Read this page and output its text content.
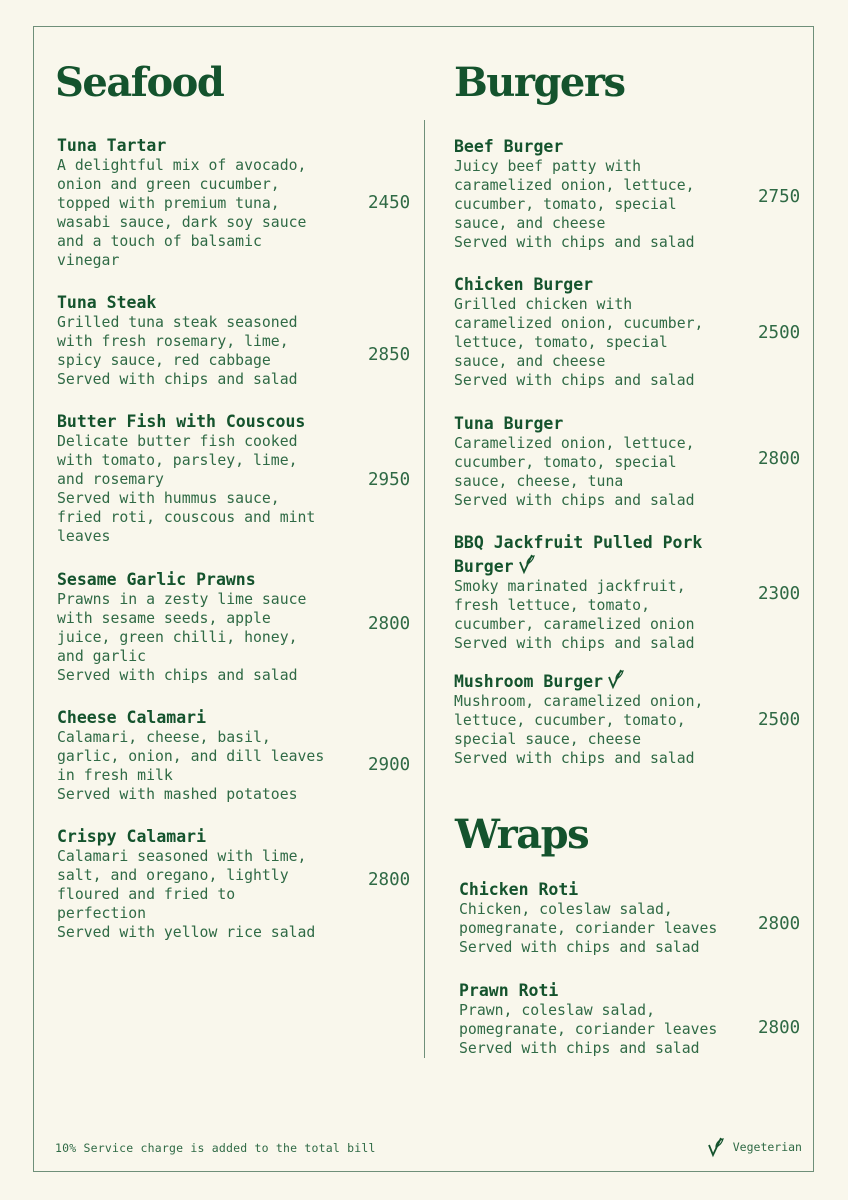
Seafood
Tuna Tartar
A delightful mix of avocado,
onion and green cucumber,
topped with premium tuna,
wasabi sauce, dark soy sauce
and a touch of balsamic
vinegar
2450
Tuna Steak
Grilled tuna steak seasoned
with fresh rosemary, lime,
spicy sauce, red cabbage
Served with chips and salad
2850
Butter Fish with Couscous
Delicate butter fish cooked
with tomato, parsley, lime,
and rosemary
Served with hummus sauce,
fried roti, couscous and mint
leaves
2950
Sesame Garlic Prawns
Prawns in a zesty lime sauce
with sesame seeds, apple
juice, green chilli, honey,
and garlic
Served with chips and salad
2800
Cheese Calamari
Calamari, cheese, basil,
garlic, onion, and dill leaves
in fresh milk
Served with mashed potatoes
2900
Crispy Calamari
Calamari seasoned with lime,
salt, and oregano, lightly
floured and fried to
perfection
Served with yellow rice salad
2800
Burgers
Beef Burger
Juicy beef patty with
caramelized onion, lettuce,
cucumber, tomato, special
sauce, and cheese
Served with chips and salad
2750
Chicken Burger
Grilled chicken with
caramelized onion, cucumber,
lettuce, tomato, special
sauce, and cheese
Served with chips and salad
2500
Tuna Burger
Caramelized onion, lettuce,
cucumber, tomato, special
sauce, cheese, tuna
Served with chips and salad
2800
BBQ Jackfruit Pulled Pork
Burger
Smoky marinated jackfruit,
fresh lettuce, tomato,
cucumber, caramelized onion
Served with chips and salad
2300
Mushroom Burger
Mushroom, caramelized onion,
lettuce, cucumber, tomato,
special sauce, cheese
Served with chips and salad
2500
Wraps
Chicken Roti
Chicken, coleslaw salad,
pomegranate, coriander leaves
Served with chips and salad
2800
Prawn Roti
Prawn, coleslaw salad,
pomegranate, coriander leaves
Served with chips and salad
2800
10% Service charge is added to the total bill	Vegeterian
